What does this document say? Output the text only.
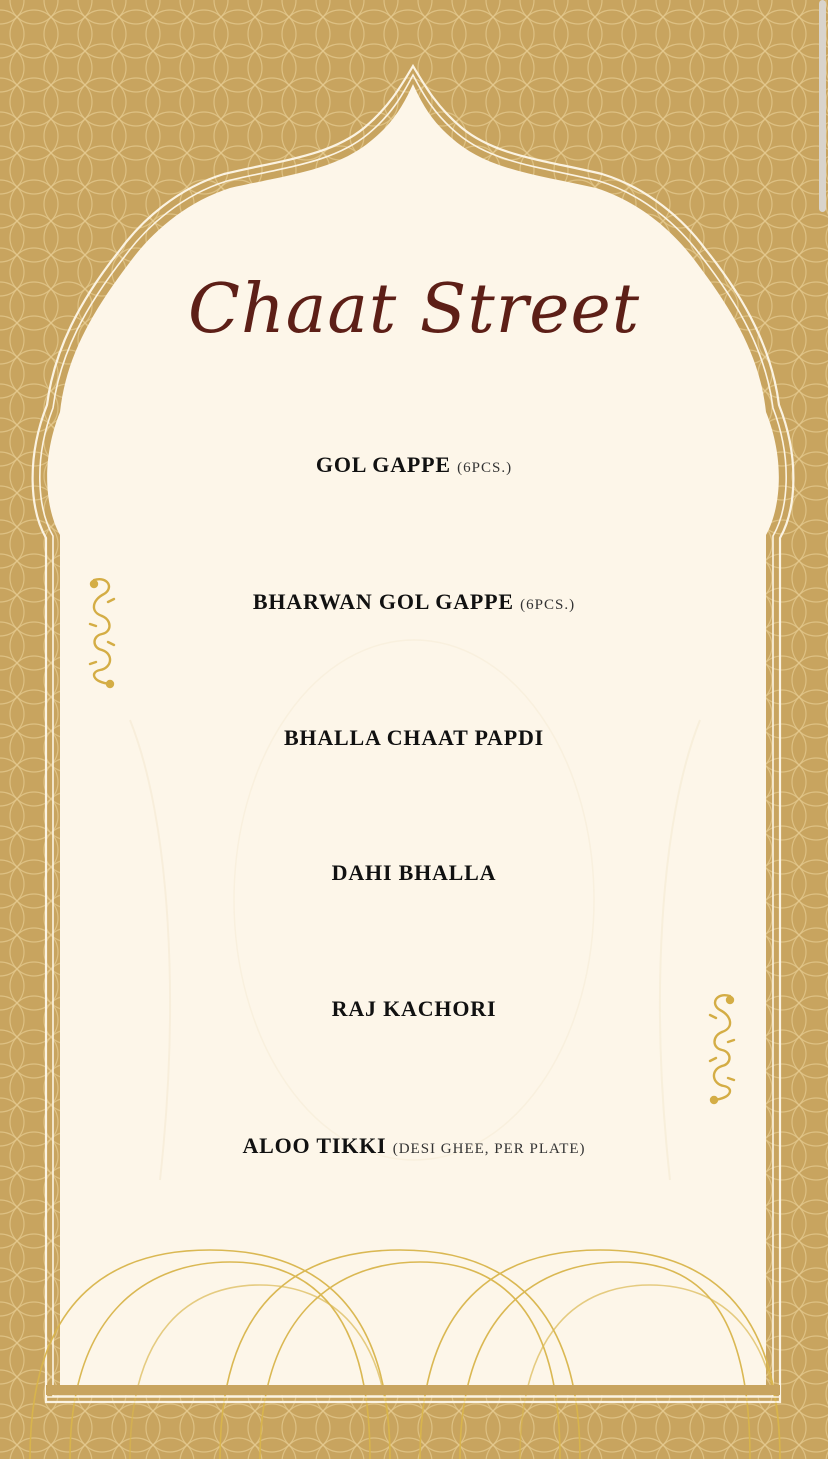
Chaat Street
GOL GAPPE (6PCS.)
BHARWAN GOL GAPPE (6PCS.)
BHALLA CHAAT PAPDI
DAHI BHALLA
RAJ KACHORI
ALOO TIKKI (DESI GHEE, PER PLATE)
